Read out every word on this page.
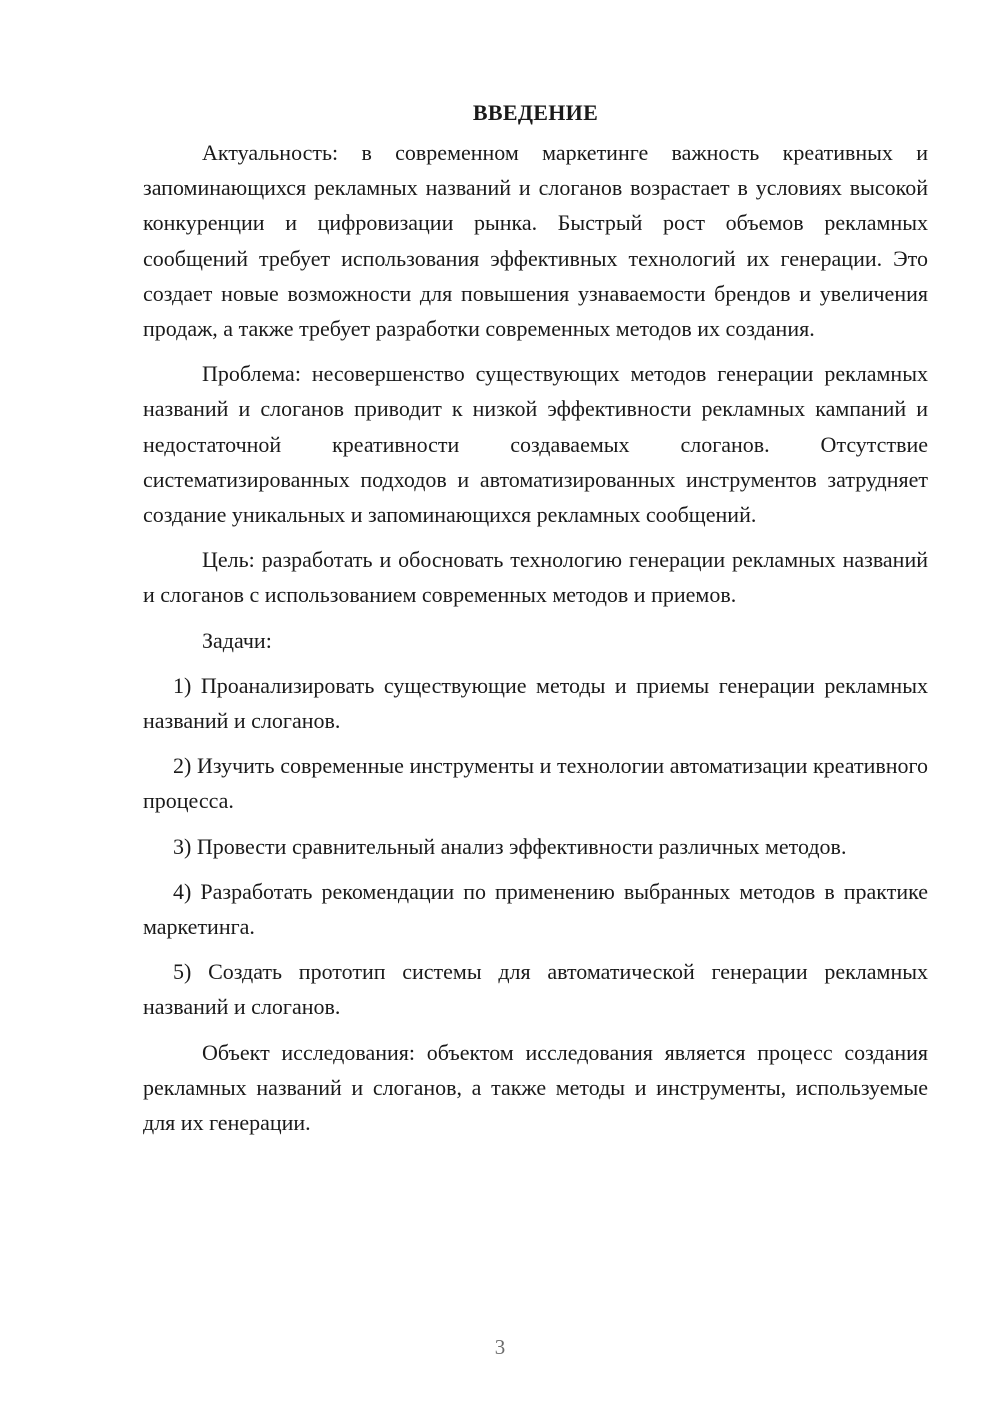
ВВЕДЕНИЕ

Актуальность: в современном маркетинге важность креативных и запоминающихся рекламных названий и слоганов возрастает в условиях высокой конкуренции и цифровизации рынка. Быстрый рост объемов рекламных сообщений требует использования эффективных технологий их генерации. Это создает новые возможности для повышения узнаваемости брендов и увеличения продаж, а также требует разработки современных методов их создания.

Проблема: несовершенство существующих методов генерации рекламных названий и слоганов приводит к низкой эффективности рекламных кампаний и недостаточной креативности создаваемых слоганов. Отсутствие систематизированных подходов и автоматизированных инструментов затрудняет создание уникальных и запоминающихся рекламных сообщений.

Цель: разработать и обосновать технологию генерации рекламных названий и слоганов с использованием современных методов и приемов.

Задачи:

1) Проанализировать существующие методы и приемы генерации рекламных названий и слоганов.

2) Изучить современные инструменты и технологии автоматизации креативного процесса.

3) Провести сравнительный анализ эффективности различных методов.

4) Разработать рекомендации по применению выбранных методов в практике маркетинга.

5) Создать прототип системы для автоматической генерации рекламных названий и слоганов.

Объект исследования: объектом исследования является процесс создания рекламных названий и слоганов, а также методы и инструменты, используемые для их генерации.

3
